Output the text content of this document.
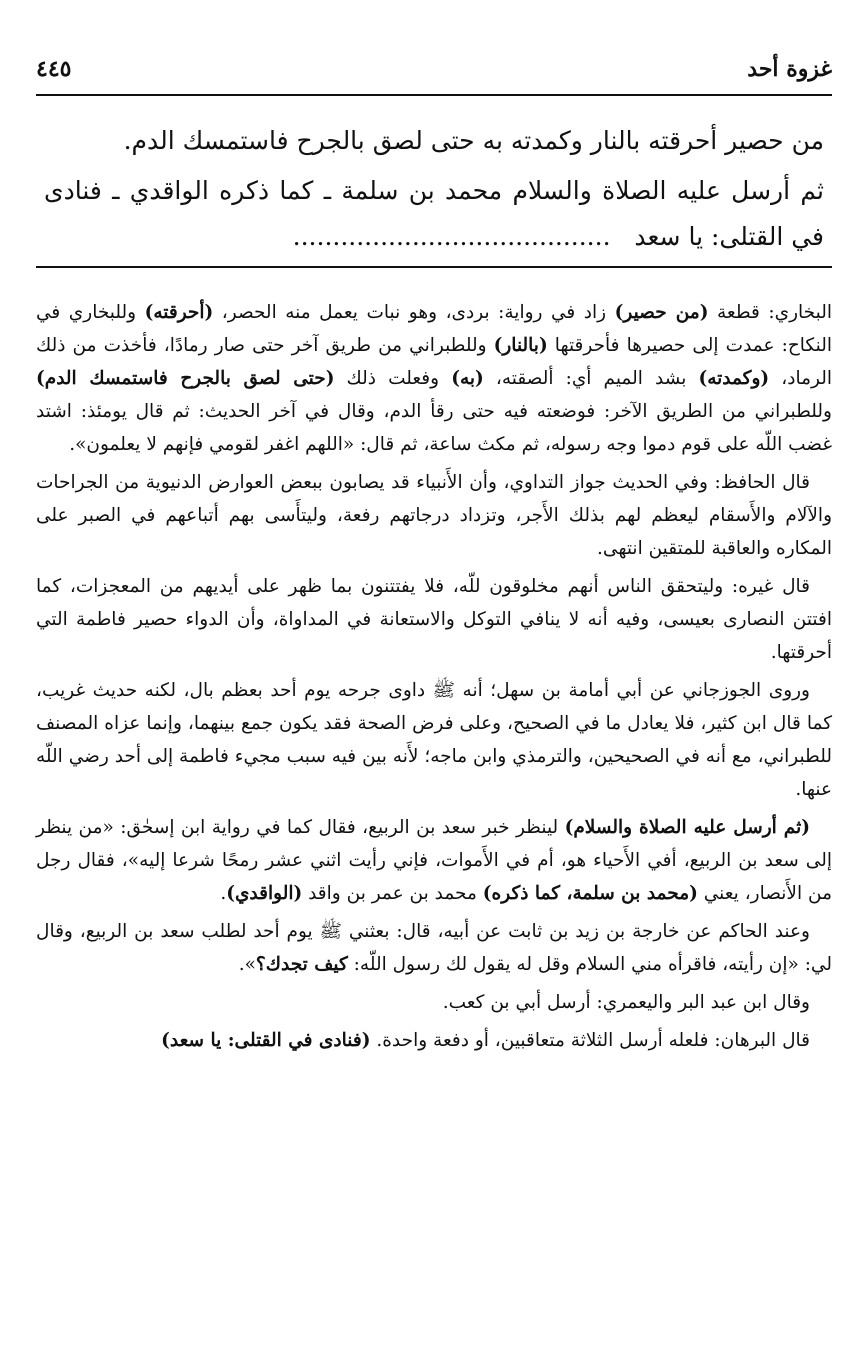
٤٤٥	غزوة أحد

من حصير أحرقته بالنار وكمدته به حتى لصق بالجرح فاستمسك الدم.

ثم أرسل عليه الصلاة والسلام محمد بن سلمة ـ كما ذكره الواقدي ـ فنادى في القتلى: يا سعد   ........................................

البخاري: قطعة (من حصير) زاد في رواية: بردى، وهو نبات يعمل منه الحصر، (أحرقته) وللبخاري في النكاح: عمدت إلى حصيرها فأحرقتها (بالنار) وللطبراني من طريق آخر حتى صار رمادًا، فأخذت من ذلك الرماد، (وكمدته) بشد الميم أي: ألصقته، (به) وفعلت ذلك (حتى لصق بالجرح فاستمسك الدم) وللطبراني من الطريق الآخر: فوضعته فيه حتى رقأ الدم، وقال في آخر الحديث: ثم قال يومئذ: اشتد غضب اللّه على قوم دموا وجه رسوله، ثم مكث ساعة، ثم قال: «اللهم اغفر لقومي فإنهم لا يعلمون».

قال الحافظ: وفي الحديث جواز التداوي، وأن الأَنبياء قد يصابون ببعض العوارض الدنيوية من الجراحات والآلام والأَسقام ليعظم لهم بذلك الأَجر، وتزداد درجاتهم رفعة، وليتأَسى بهم أتباعهم في الصبر على المكاره والعاقبة للمتقين انتهى.

قال غيره: وليتحقق الناس أنهم مخلوقون للّه، فلا يفتتنون بما ظهر على أيديهم من المعجزات، كما افتتن النصارى بعيسى، وفيه أنه لا ينافي التوكل والاستعانة في المداواة، وأن الدواء حصير فاطمة التي أحرقتها.

وروى الجوزجاني عن أبي أمامة بن سهل؛ أنه ﷺ داوى جرحه يوم أحد بعظم بال، لكنه حديث غريب، كما قال ابن كثير، فلا يعادل ما في الصحيح، وعلى فرض الصحة فقد يكون جمع بينهما، وإنما عزاه المصنف للطبراني، مع أنه في الصحيحين، والترمذي وابن ماجه؛ لأَنه بين فيه سبب مجيء فاطمة إلى أحد رضي اللّه عنها.

(ثم أرسل عليه الصلاة والسلام) لينظر خبر سعد بن الربيع، فقال كما في رواية ابن إسحٰق: «من ينظر إلى سعد بن الربيع، أفي الأَحياء هو، أم في الأَموات، فإني رأيت اثني عشر رمحًا شرعا إليه»، فقال رجل من الأَنصار، يعني (محمد بن سلمة، كما ذكره) محمد بن عمر بن واقد (الواقدي).

وعند الحاكم عن خارجة بن زيد بن ثابت عن أبيه، قال: بعثني ﷺ يوم أحد لطلب سعد بن الربيع، وقال لي: «إن رأيته، فاقرأه مني السلام وقل له يقول لك رسول اللّه: كيف تجدك؟».

وقال ابن عبد البر واليعمري: أرسل أبي بن كعب.

قال البرهان: فلعله أرسل الثلاثة متعاقبين، أو دفعة واحدة. (فنادى في القتلى: يا سعد)
